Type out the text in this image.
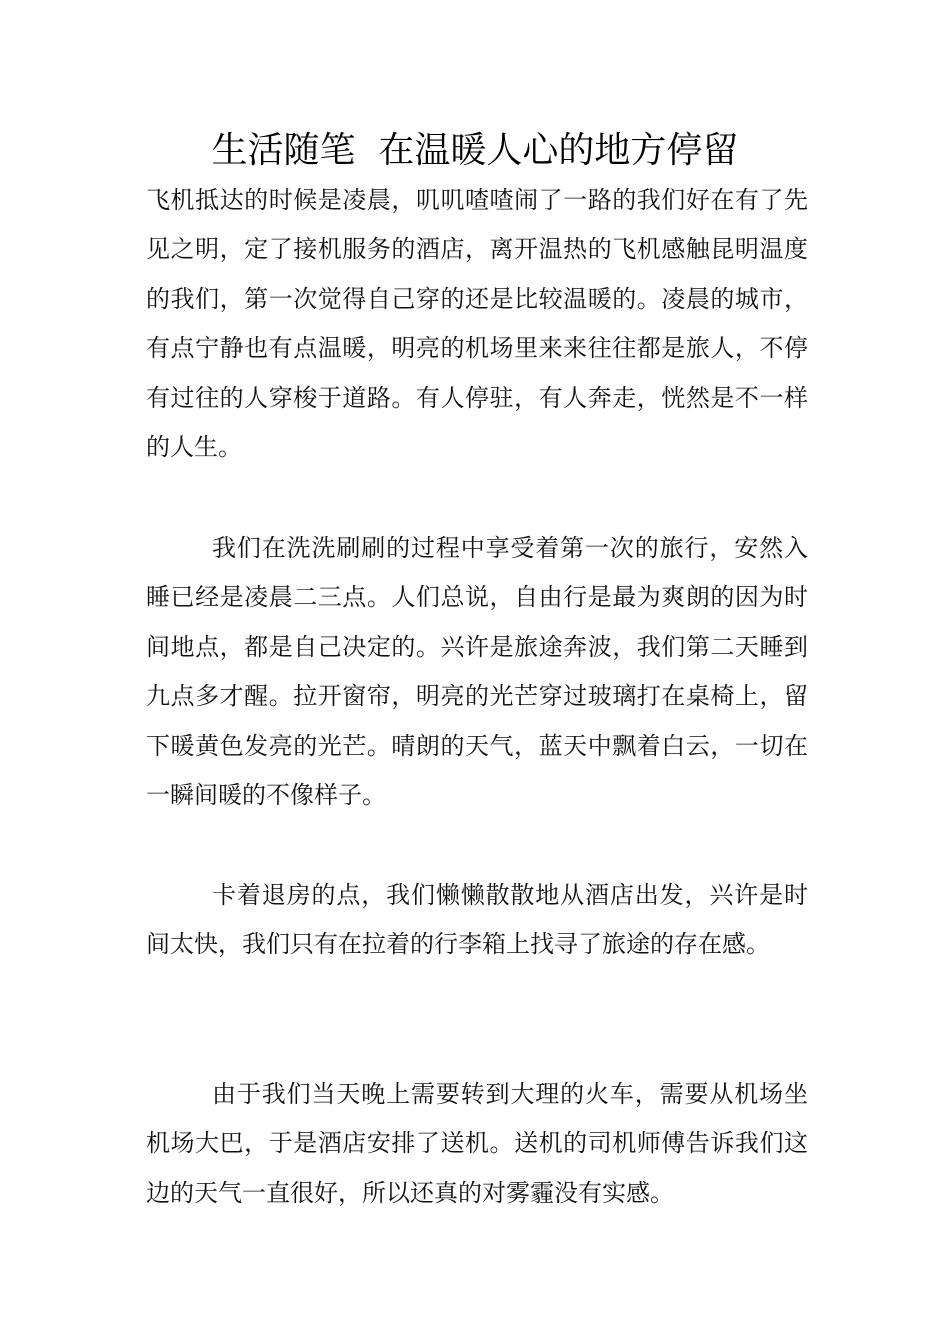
生活随笔  在温暖人心的地方停留

飞机抵达的时候是凌晨，叽叽喳喳闹了一路的我们好在有了先见之明，定了接机服务的酒店，离开温热的飞机感触昆明温度的我们，第一次觉得自己穿的还是比较温暖的。凌晨的城市，有点宁静也有点温暖，明亮的机场里来来往往都是旅人，不停有过往的人穿梭于道路。有人停驻，有人奔走，恍然是不一样的人生。

我们在洗洗刷刷的过程中享受着第一次的旅行，安然入睡已经是凌晨二三点。人们总说，自由行是最为爽朗的因为时间地点，都是自己决定的。兴许是旅途奔波，我们第二天睡到九点多才醒。拉开窗帘，明亮的光芒穿过玻璃打在桌椅上，留下暖黄色发亮的光芒。晴朗的天气，蓝天中飘着白云，一切在一瞬间暖的不像样子。

卡着退房的点，我们懒懒散散地从酒店出发，兴许是时间太快，我们只有在拉着的行李箱上找寻了旅途的存在感。

由于我们当天晚上需要转到大理的火车，需要从机场坐机场大巴，于是酒店安排了送机。送机的司机师傅告诉我们这边的天气一直很好，所以还真的对雾霾没有实感。
